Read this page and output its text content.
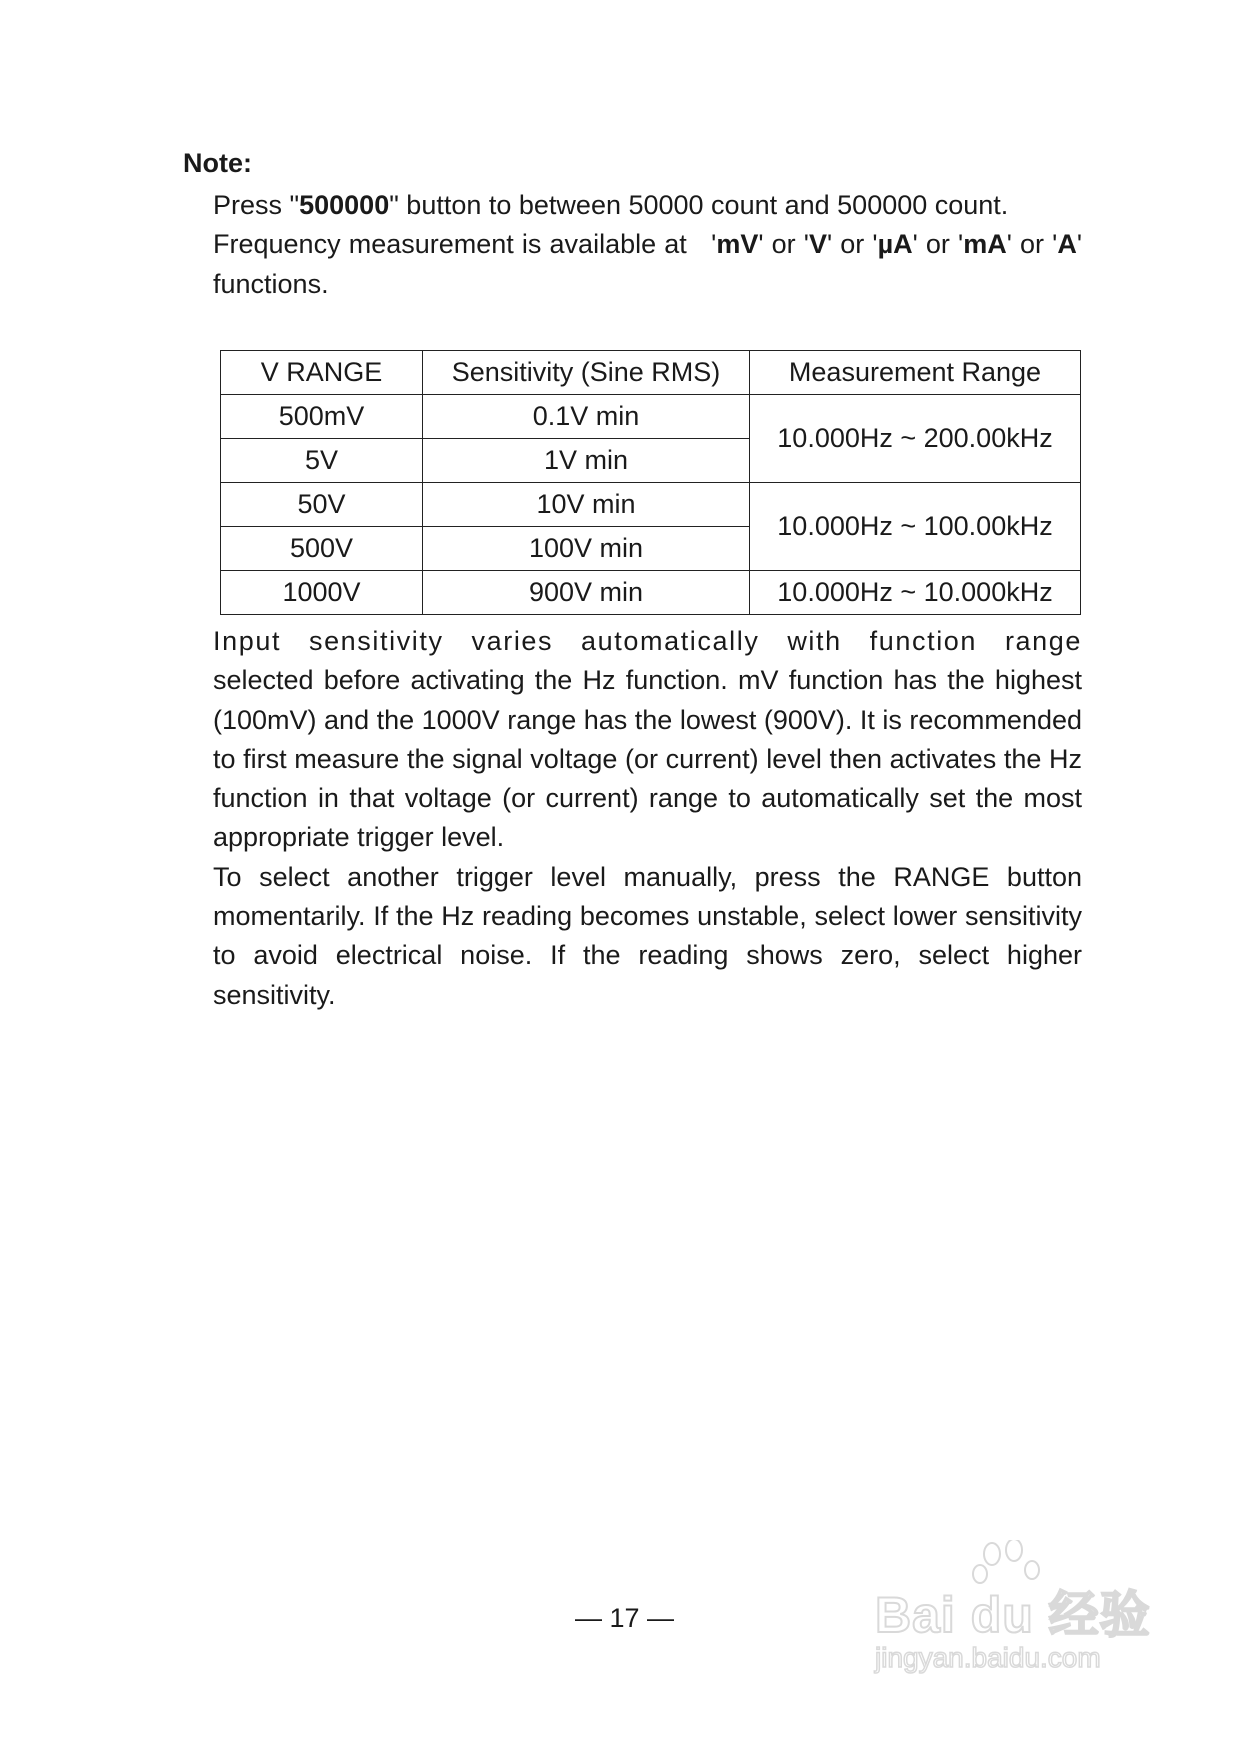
Note:
Press "500000" button to between 50000 count and 500000 count.
Frequency measurement is available at   'mV' or 'V' or 'µA' or 'mA' or 'A' functions.
V RANGE	Sensitivity (Sine RMS)	Measurement Range
500mV	0.1V min	10.000Hz ~ 200.00kHz
5V	1V min	
50V	10V min	10.000Hz ~ 100.00kHz
500V	100V min	
1000V	900V min	10.000Hz ~ 10.000kHz
Input sensitivity varies automatically with function range
selected before activating the Hz function. mV function has the highest (100mV) and the 1000V range has the lowest (900V). It is recommended to first measure the signal voltage (or current) level then activates the Hz function in that voltage (or current) range to automatically set the most appropriate trigger level.
To select another trigger level manually, press the RANGE button momentarily. If the Hz reading becomes unstable, select lower sensitivity to avoid electrical noise. If the reading shows zero, select higher sensitivity.
— 17 —	Bai du 经验
jingyan.baidu.com
